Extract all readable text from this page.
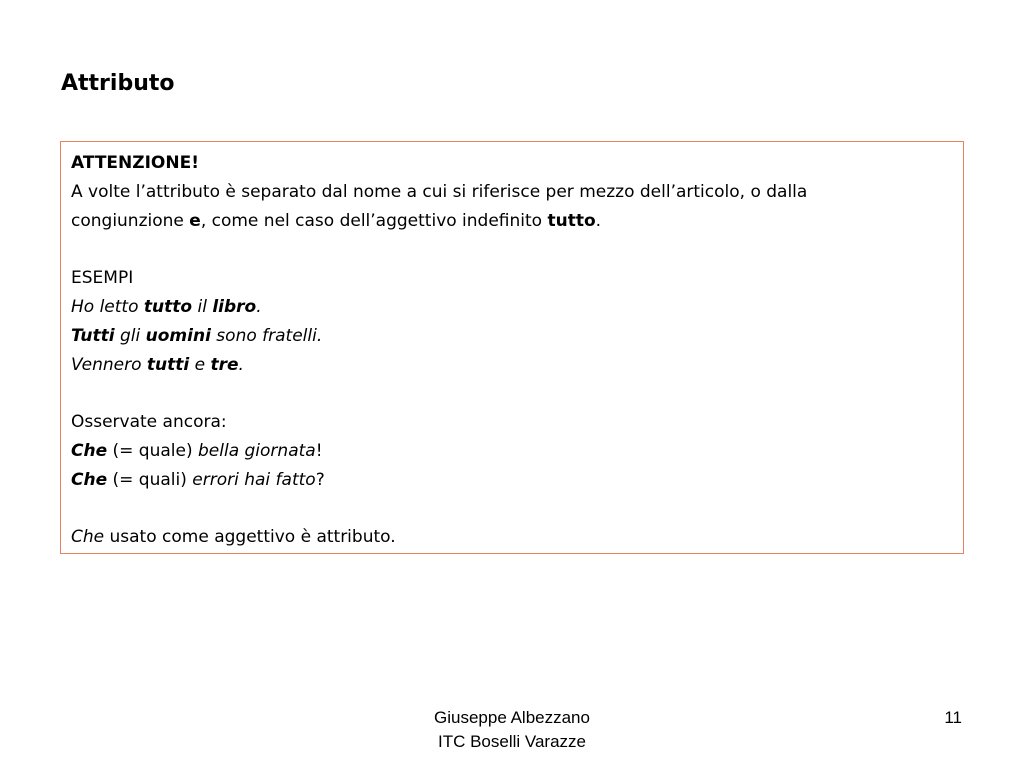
Attributo
ATTENZIONE!
A volte l’attributo è separato dal nome a cui si riferisce per mezzo dell’articolo, o dalla
congiunzione e, come nel caso dell’aggettivo indefinito tutto.
ESEMPI
Ho letto tutto il libro.
Tutti gli uomini sono fratelli.
Vennero tutti e tre.
Osservate ancora:
Che (= quale) bella giornata!
Che (= quali) errori hai fatto?
Che usato come aggettivo è attributo.
Giuseppe Albezzano
ITC Boselli Varazze
11
